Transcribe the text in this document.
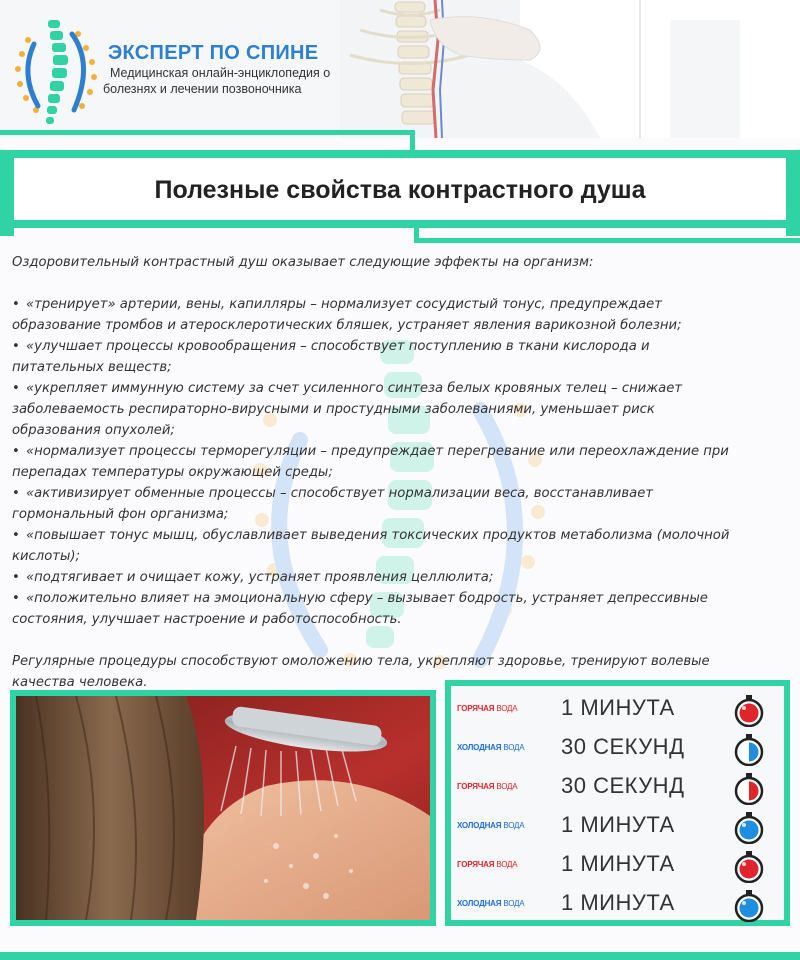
ЭКСПЕРТ ПО СПИНЕ
Медицинская онлайн-энциклопедия о
болезнях и лечении позвоночника
Полезные свойства контрастного душа

Оздоровительный контрастный душ оказывает следующие эффекты на организм:

• «тренирует» артерии, вены, капилляры – нормализует сосудистый тонус, предупреждает
образование тромбов и атеросклеротических бляшек, устраняет явления варикозной болезни;
• «улучшает процессы кровообращения – способствует поступлению в ткани кислорода и
питательных веществ;
• «укрепляет иммунную систему за счет усиленного синтеза белых кровяных телец – снижает
заболеваемость респираторно-вирусными и простудными заболеваниями, уменьшает риск
образования опухолей;
• «нормализует процессы терморегуляции – предупреждает перегревание или переохлаждение при
перепадах температуры окружающей среды;
• «активизирует обменные процессы – способствует нормализации веса, восстанавливает
гормональный фон организма;
• «повышает тонус мышц, обуславливает выведения токсических продуктов метаболизма (молочной
кислоты);
• «подтягивает и очищает кожу, устраняет проявления целлюлита;
• «положительно влияет на эмоциональную сферу – вызывает бодрость, устраняет депрессивные
состояния, улучшает настроение и работоспособность.

Регулярные процедуры способствуют омоложению тела, укрепляют здоровье, тренируют волевые
качества человека.

ГОРЯЧАЯ ВОДА	1 МИНУТА
ХОЛОДНАЯ ВОДА	30 СЕКУНД
ГОРЯЧАЯ ВОДА	30 СЕКУНД
ХОЛОДНАЯ ВОДА	1 МИНУТА
ГОРЯЧАЯ ВОДА	1 МИНУТА
ХОЛОДНАЯ ВОДА	1 МИНУТА
